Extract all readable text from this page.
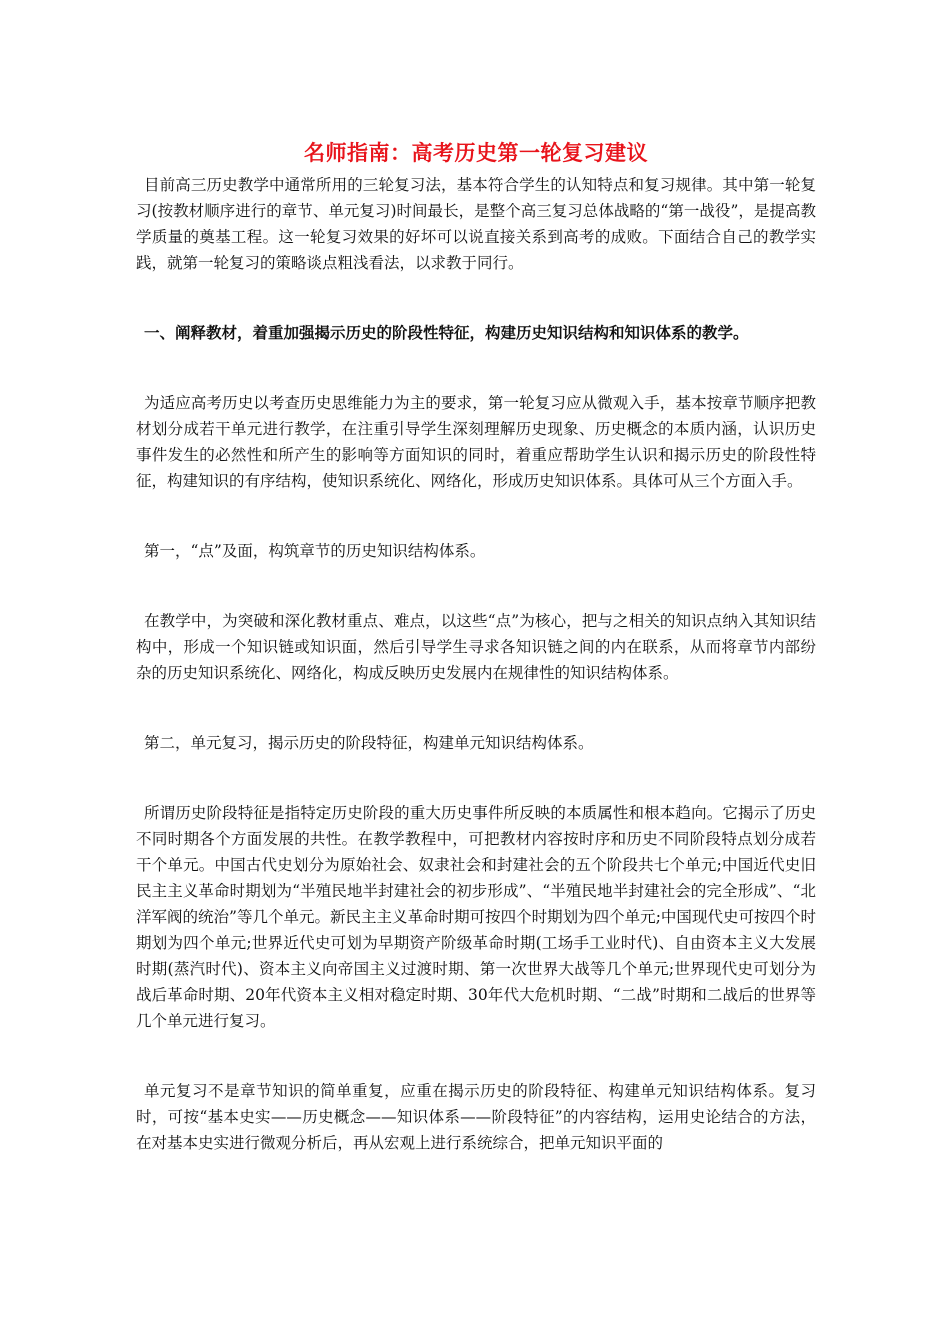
名师指南：高考历史第一轮复习建议

目前高三历史教学中通常所用的三轮复习法，基本符合学生的认知特点和复习规律。其中第一轮复习(按教材顺序进行的章节、单元复习)时间最长，是整个高三复习总体战略的“第一战役”，是提高教学质量的奠基工程。这一轮复习效果的好坏可以说直接关系到高考的成败。下面结合自己的教学实践，就第一轮复习的策略谈点粗浅看法，以求教于同行。

一、阐释教材，着重加强揭示历史的阶段性特征，构建历史知识结构和知识体系的教学。

为适应高考历史以考查历史思维能力为主的要求，第一轮复习应从微观入手，基本按章节顺序把教材划分成若干单元进行教学，在注重引导学生深刻理解历史现象、历史概念的本质内涵，认识历史事件发生的必然性和所产生的影响等方面知识的同时，着重应帮助学生认识和揭示历史的阶段性特征，构建知识的有序结构，使知识系统化、网络化，形成历史知识体系。具体可从三个方面入手。

第一，“点”及面，构筑章节的历史知识结构体系。

在教学中，为突破和深化教材重点、难点，以这些“点”为核心，把与之相关的知识点纳入其知识结构中，形成一个知识链或知识面，然后引导学生寻求各知识链之间的内在联系，从而将章节内部纷杂的历史知识系统化、网络化，构成反映历史发展内在规律性的知识结构体系。

第二，单元复习，揭示历史的阶段特征，构建单元知识结构体系。

所谓历史阶段特征是指特定历史阶段的重大历史事件所反映的本质属性和根本趋向。它揭示了历史不同时期各个方面发展的共性。在教学教程中，可把教材内容按时序和历史不同阶段特点划分成若干个单元。中国古代史划分为原始社会、奴隶社会和封建社会的五个阶段共七个单元;中国近代史旧民主主义革命时期划为“半殖民地半封建社会的初步形成”、“半殖民地半封建社会的完全形成”、“北洋军阀的统治”等几个单元。新民主主义革命时期可按四个时期划为四个单元;中国现代史可按四个时期划为四个单元;世界近代史可划为早期资产阶级革命时期(工场手工业时代)、自由资本主义大发展时期(蒸汽时代)、资本主义向帝国主义过渡时期、第一次世界大战等几个单元;世界现代史可划分为战后革命时期、20年代资本主义相对稳定时期、30年代大危机时期、“二战”时期和二战后的世界等几个单元进行复习。

单元复习不是章节知识的简单重复，应重在揭示历史的阶段特征、构建单元知识结构体系。复习时，可按“基本史实——历史概念——知识体系——阶段特征”的内容结构，运用史论结合的方法，在对基本史实进行微观分析后，再从宏观上进行系统综合，把单元知识平面的
